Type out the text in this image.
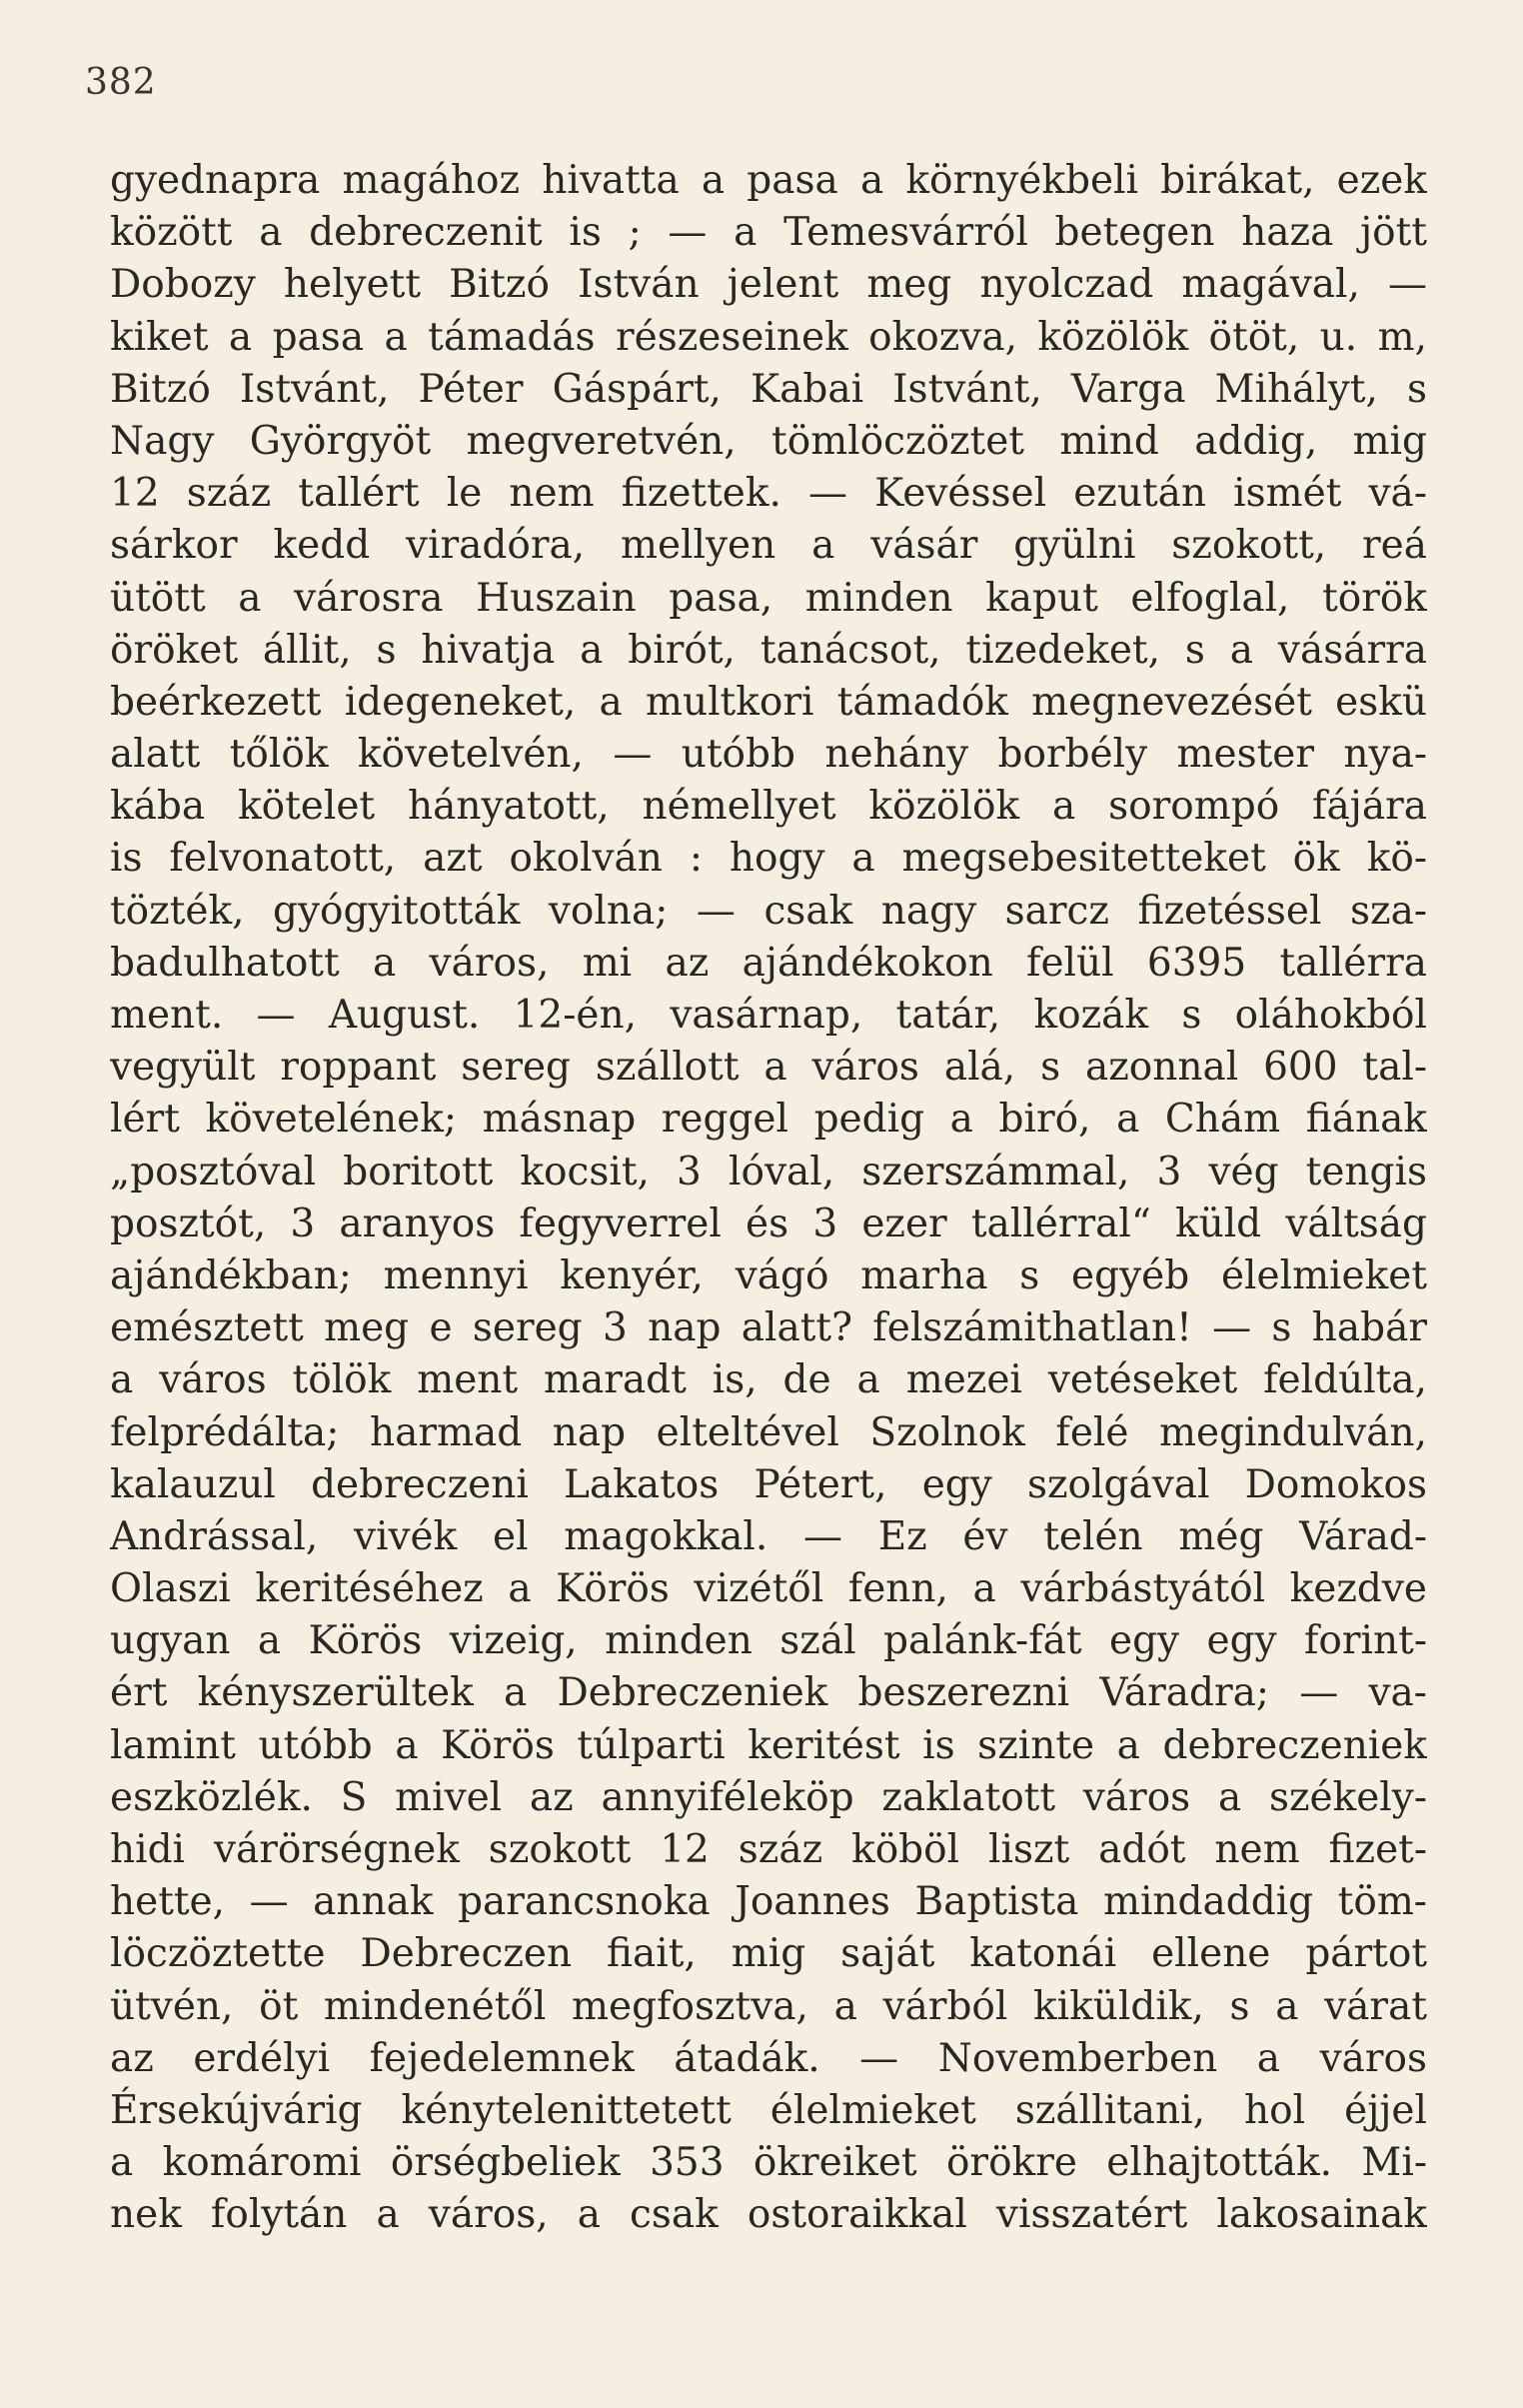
382
gyednapra magához hivatta a pasa a környékbeli birákat, ezek
között a debreczenit is ; — a Temesvárról betegen haza jött
Dobozy helyett Bitzó István jelent meg nyolczad magával, —
kiket a pasa a támadás részeseinek okozva, közölök ötöt, u. m,
Bitzó Istvánt, Péter Gáspárt, Kabai Istvánt, Varga Mihályt, s
Nagy Györgyöt megveretvén, tömlöczöztet mind addig, mig
12 száz tallért le nem fizettek. — Kevéssel ezután ismét vá-
sárkor kedd viradóra, mellyen a vásár gyülni szokott, reá
ütött a városra Huszain pasa, minden kaput elfoglal, török
öröket állit, s hivatja a birót, tanácsot, tizedeket, s a vásárra
beérkezett idegeneket, a multkori támadók megnevezését eskü
alatt tőlök követelvén, — utóbb nehány borbély mester nya-
kába kötelet hányatott, némellyet közölök a sorompó fájára
is felvonatott, azt okolván : hogy a megsebesitetteket ök kö-
tözték, gyógyitották volna; — csak nagy sarcz fizetéssel sza-
badulhatott a város, mi az ajándékokon felül 6395 tallérra
ment. — August. 12-én, vasárnap, tatár, kozák s oláhokból
vegyült roppant sereg szállott a város alá, s azonnal 600 tal-
lért követelének; másnap reggel pedig a biró, a Chám fiának
„posztóval boritott kocsit, 3 lóval, szerszámmal, 3 vég tengis
posztót, 3 aranyos fegyverrel és 3 ezer tallérral“ küld váltság
ajándékban; mennyi kenyér, vágó marha s egyéb élelmieket
emésztett meg e sereg 3 nap alatt? felszámithatlan! — s habár
a város tölök ment maradt is, de a mezei vetéseket feldúlta,
felprédálta; harmad nap elteltével Szolnok felé megindulván,
kalauzul debreczeni Lakatos Pétert, egy szolgával Domokos
Andrással, vivék el magokkal. — Ez év telén még Várad-
Olaszi keritéséhez a Körös vizétől fenn, a várbástyától kezdve
ugyan a Körös vizeig, minden szál palánk-fát egy egy forint-
ért kényszerültek a Debreczeniek beszerezni Váradra; — va-
lamint utóbb a Körös túlparti keritést is szinte a debreczeniek
eszközlék. S mivel az annyiféleköp zaklatott város a székely-
hidi várörségnek szokott 12 száz köböl liszt adót nem fizet-
hette, — annak parancsnoka Joannes Baptista mindaddig töm-
löczöztette Debreczen fiait, mig saját katonái ellene pártot
ütvén, öt mindenétől megfosztva, a várból kiküldik, s a várat
az erdélyi fejedelemnek átadák. — Novemberben a város
Érsekújvárig kénytelenittetett élelmieket szállitani, hol éjjel
a komáromi örségbeliek 353 ökreiket örökre elhajtották. Mi-
nek folytán a város, a csak ostoraikkal visszatért lakosainak
